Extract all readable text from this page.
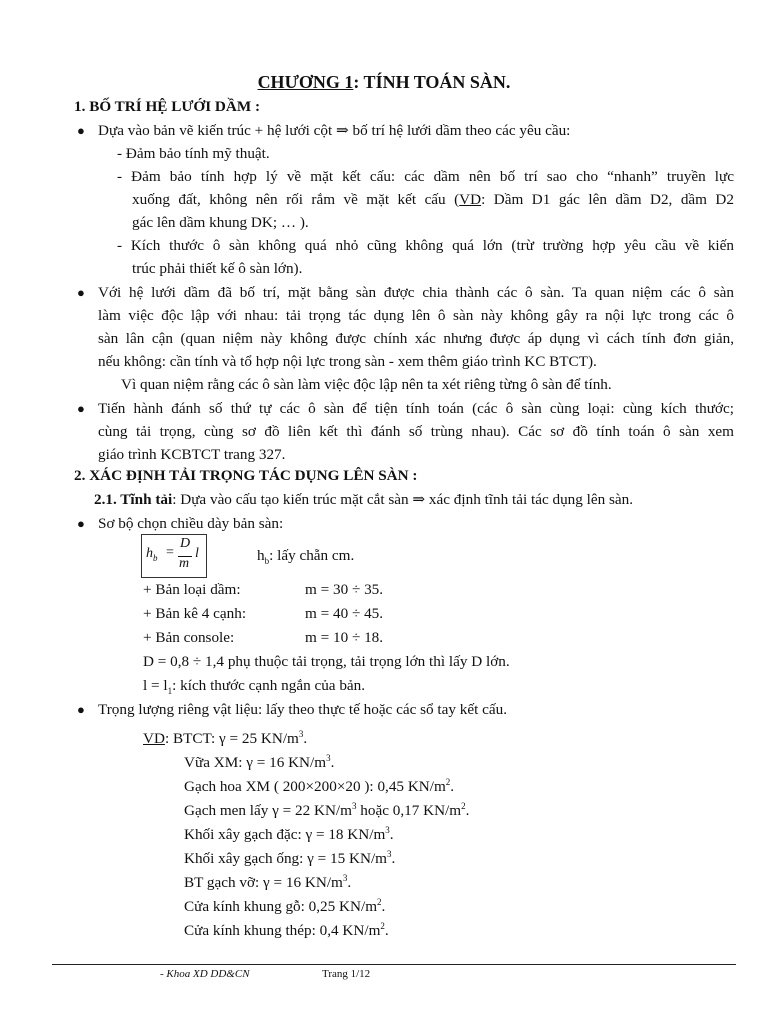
CHƯƠNG 1: TÍNH TOÁN SÀN.
1. BỐ TRÍ HỆ LƯỚI DẦM :
● Dựa vào bản vẽ kiến trúc + hệ lưới cột ⇒ bố trí hệ lưới dầm theo các yêu cầu:
- Đảm bảo tính mỹ thuật.
- Đảm bảo tính hợp lý về mặt kết cấu: các dầm nên bố trí sao cho “nhanh” truyền lực
xuống đất, không nên rối rắm về mặt kết cấu (VD: Dầm D1 gác lên dầm D2, dầm D2
gác lên dầm khung DK; … ).
- Kích thước ô sàn không quá nhỏ cũng không quá lớn (trừ trường hợp yêu cầu về kiến
trúc phải thiết kế ô sàn lớn).
● Với hệ lưới dầm đã bố trí, mặt bằng sàn được chia thành các ô sàn. Ta quan niệm các ô sàn
làm việc độc lập với nhau: tải trọng tác dụng lên ô sàn này không gây ra nội lực trong các ô
sàn lân cận (quan niệm này không được chính xác nhưng được áp dụng vì cách tính đơn giản,
nếu không: cần tính và tổ hợp nội lực trong sàn - xem thêm giáo trình KC BTCT).
Vì quan niệm rằng các ô sàn làm việc độc lập nên ta xét riêng từng ô sàn để tính.
● Tiến hành đánh số thứ tự các ô sàn để tiện tính toán (các ô sàn cùng loại: cùng kích thước;
cùng tải trọng, cùng sơ đồ liên kết thì đánh số trùng nhau). Các sơ đồ tính toán ô sàn xem
giáo trình KCBTCT trang 327.
2. XÁC ĐỊNH TẢI TRỌNG TÁC DỤNG LÊN SÀN :
2.1. Tĩnh tải: Dựa vào cấu tạo kiến trúc mặt cắt sàn ⇒ xác định tĩnh tải tác dụng lên sàn.
● Sơ bộ chọn chiều dày bản sàn:
$h_b$ =
D
m
l	$h_b$: lấy chẵn cm.
+ Bản loại dầm:	m = 30 ÷ 35.
+ Bản kê 4 cạnh:	m = 40 ÷ 45.
+ Bản console:	m = 10 ÷ 18.
D = 0,8 ÷ 1,4 phụ thuộc tải trọng, tải trọng lớn thì lấy D lớn.
$l = l_1$: kích thước cạnh ngắn của bản.
● Trọng lượng riêng vật liệu: lấy theo thực tế hoặc các sổ tay kết cấu.
VD: BTCT: γ = 25 $KN/m^3$.
Vữa XM: γ = 16 $KN/m^3$.
Gạch hoa XM ( 200×200×20 ): 0,45 $KN/m^2$.
Gạch men lấy γ = 22 $KN/m^3$ hoặc 0,17 $KN/m^2$.
Khối xây gạch đặc: γ = 18 $KN/m^3$.
Khối xây gạch ống: γ = 15 $KN/m^3$.
BT gạch vỡ: γ = 16 $KN/m^3$.
Cửa kính khung gỗ: 0,25 $KN/m^2$.
Cửa kính khung thép: 0,4 $KN/m^2$.
- Khoa XD DD&CN	Trang 1/12
